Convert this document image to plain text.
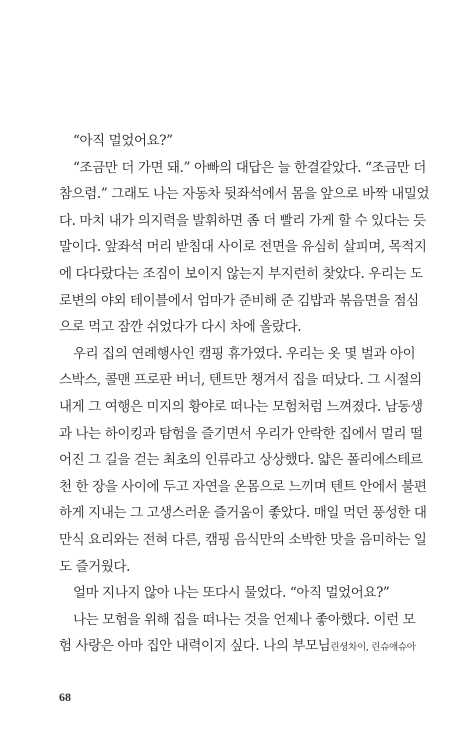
“아직 멀었어요?”
“조금만 더 가면 돼.” 아빠의 대답은 늘 한결같았다. “조금만 더
참으렴.” 그래도 나는 자동차 뒷좌석에서 몸을 앞으로 바짝 내밀었
다. 마치 내가 의지력을 발휘하면 좀 더 빨리 가게 할 수 있다는 듯
말이다. 앞좌석 머리 받침대 사이로 전면을 유심히 살피며, 목적지
에 다다랐다는 조짐이 보이지 않는지 부지런히 찾았다. 우리는 도
로변의 야외 테이블에서 엄마가 준비해 준 김밥과 볶음면을 점심
으로 먹고 잠깐 쉬었다가 다시 차에 올랐다.
우리 집의 연례행사인 캠핑 휴가였다. 우리는 옷 몇 벌과 아이
스박스, 콜맨 프로판 버너, 텐트만 챙겨서 집을 떠났다. 그 시절의
내게 그 여행은 미지의 황야로 떠나는 모험처럼 느껴졌다. 남동생
과 나는 하이킹과 탐험을 즐기면서 우리가 안락한 집에서 멀리 떨
어진 그 길을 걷는 최초의 인류라고 상상했다. 얇은 폴리에스테르
천 한 장을 사이에 두고 자연을 온몸으로 느끼며 텐트 안에서 불편
하게 지내는 그 고생스러운 즐거움이 좋았다. 매일 먹던 풍성한 대
만식 요리와는 전혀 다른, 캠핑 음식만의 소박한 맛을 음미하는 일
도 즐거웠다.
얼마 지나지 않아 나는 또다시 물었다. “아직 멀었어요?”
나는 모험을 위해 집을 떠나는 것을 언제나 좋아했다. 이런 모
험 사랑은 아마 집안 내력이지 싶다. 나의 부모님린셩차이, 린슈애슈아
68
